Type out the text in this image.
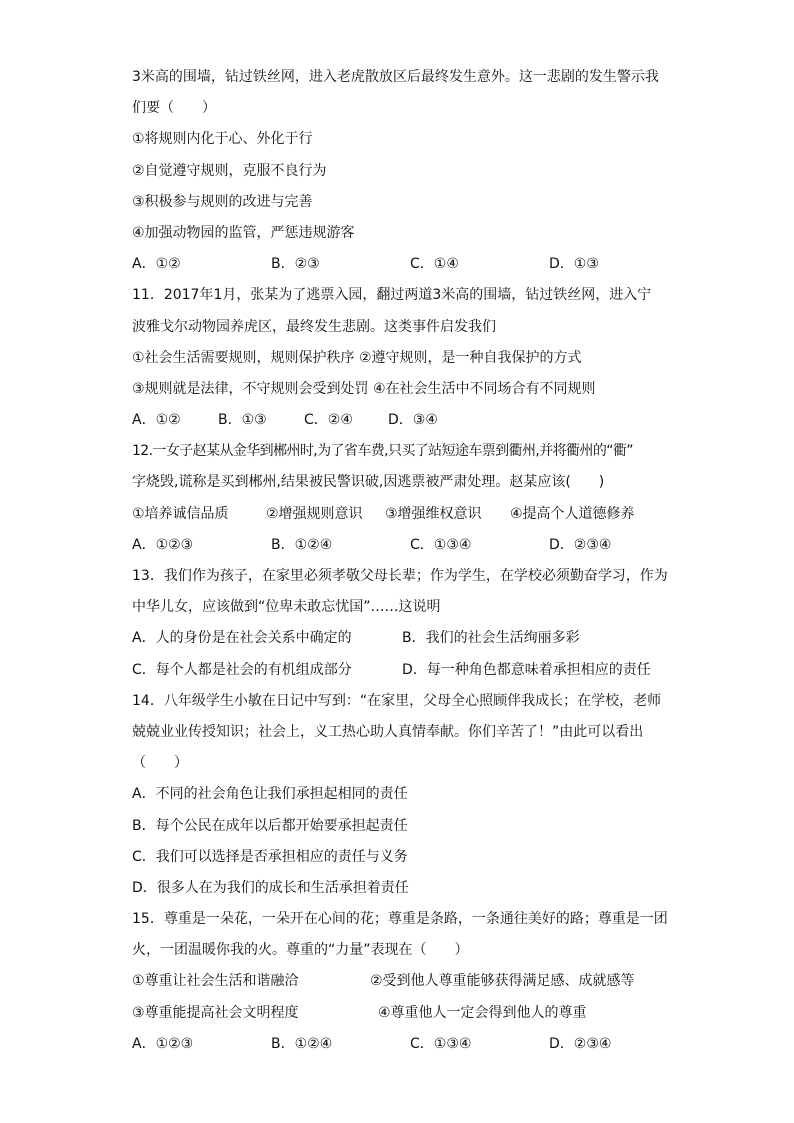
3米高的围墙，钻过铁丝网，进入老虎散放区后最终发生意外。这一悲剧的发生警示我
们要（　　）
①将规则内化于心、外化于行
②自觉遵守规则，克服不良行为
③积极参与规则的改进与完善
④加强动物园的监管，严惩违规游客
A．①②	B．②③	C．①④	D．①③
11．2017年1月，张某为了逃票入园，翻过两道3米高的围墙，钻过铁丝网，进入宁
波雅戈尔动物园养虎区，最终发生悲剧。这类事件启发我们
①社会生活需要规则，规则保护秩序 ②遵守规则，是一种自我保护的方式
③规则就是法律，不守规则会受到处罚 ④在社会生活中不同场合有不同规则
A．①②	B．①③	C．②④	D．③④
12.一女子赵某从金华到郴州时,为了省车费,只买了站短途车票到衢州,并将衢州的“衢”
字烧毁,谎称是买到郴州,结果被民警识破,因逃票被严肃处理。赵某应该(　　)
①培养诚信品质	②增强规则意识	③增强维权意识	④提高个人道德修养
A．①②③	B．①②④	C．①③④	D．②③④
13．我们作为孩子，在家里必须孝敬父母长辈；作为学生，在学校必须勤奋学习，作为
中华儿女，应该做到“位卑未敢忘忧国”……这说明
A．人的身份是在社会关系中确定的	B．我们的社会生活绚丽多彩
C．每个人都是社会的有机组成部分	D．每一种角色都意味着承担相应的责任
14．八年级学生小敏在日记中写到：“在家里，父母全心照顾伴我成长；在学校，老师
兢兢业业传授知识；社会上，义工热心助人真情奉献。你们辛苦了！”由此可以看出
（　　）
A．不同的社会角色让我们承担起相同的责任
B．每个公民在成年以后都开始要承担起责任
C．我们可以选择是否承担相应的责任与义务
D．很多人在为我们的成长和生活承担着责任
15．尊重是一朵花，一朵开在心间的花；尊重是条路，一条通往美好的路；尊重是一团
火，一团温暖你我的火。尊重的“力量”表现在（　　）
①尊重让社会生活和谐融洽	②受到他人尊重能够获得满足感、成就感等
③尊重能提高社会文明程度	④尊重他人一定会得到他人的尊重
A．①②③	B．①②④	C．①③④	D．②③④
